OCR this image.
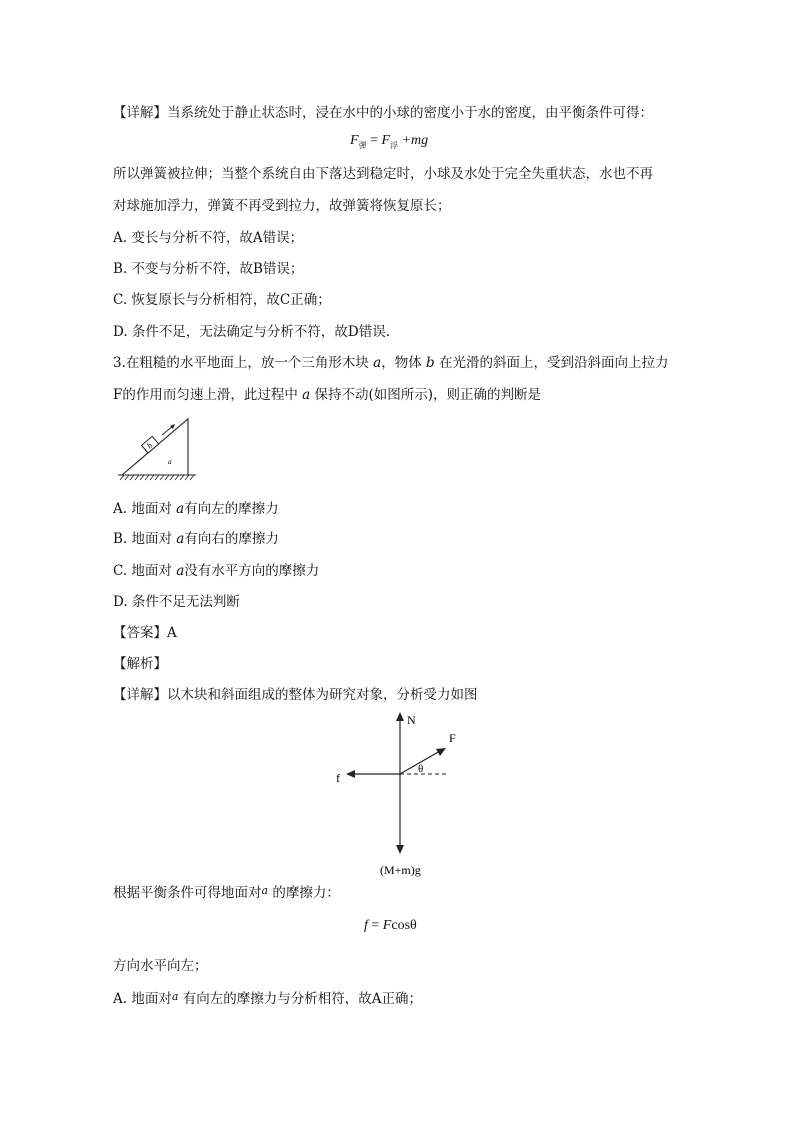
【详解】当系统处于静止状态时，浸在水中的小球的密度小于水的密度，由平衡条件可得：
$F_弹 = F_浮 +mg$
所以弹簧被拉伸；当整个系统自由下落达到稳定时，小球及水处于完全失重状态，水也不再
对球施加浮力，弹簧不再受到拉力，故弹簧将恢复原长；
A. 变长与分析不符，故A错误；
B. 不变与分析不符，故B错误；
C. 恢复原长与分析相符，故C正确；
D. 条件不足，无法确定与分析不符，故D错误.
3.在粗糙的水平地面上，放一个三角形木块 a，物体 b 在光滑的斜面上，受到沿斜面向上拉力
F的作用而匀速上滑，此过程中 a 保持不动(如图所示)，则正确的判断是
b
a
A. 地面对 a有向左的摩擦力
B. 地面对 a有向右的摩擦力
C. 地面对 a没有水平方向的摩擦力
D. 条件不足无法判断
【答案】A
【解析】
【详解】以木块和斜面组成的整体为研究对象，分析受力如图
N
(M+m)g
f
F
θ
根据平衡条件可得地面对$^a$ 的摩擦力：
f = Fcosθ
方向水平向左；
A. 地面对$^a$ 有向左的摩擦力与分析相符，故A正确；
